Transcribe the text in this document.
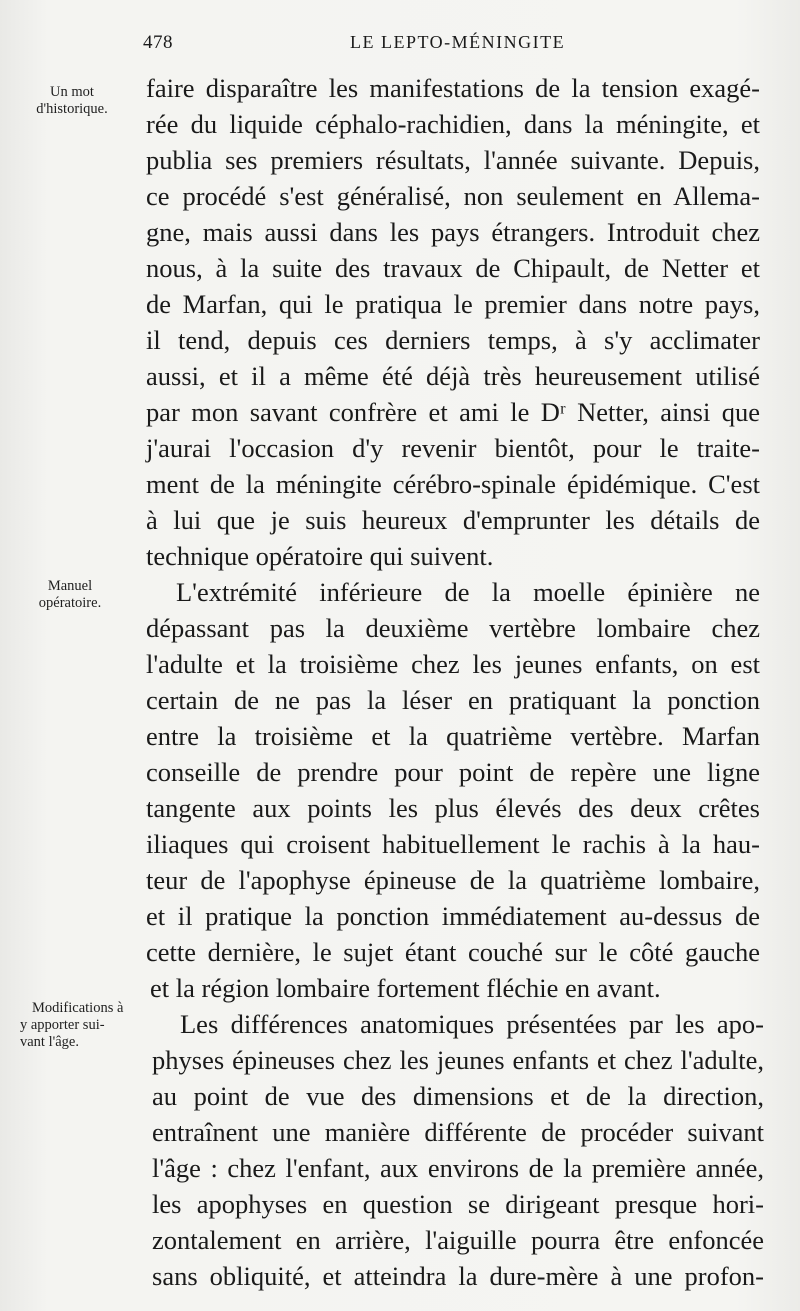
478	LE LEPTO-MÉNINGITE
Un mot
d'historique.
Manuel
opératoire.
Modifications à
y apporter sui-
vant l'âge.
faire disparaître les manifestations de la tension exagé-
rée du liquide céphalo-rachidien, dans la méningite, et
publia ses premiers résultats, l'année suivante. Depuis,
ce procédé s'est généralisé, non seulement en Allema-
gne, mais aussi dans les pays étrangers. Introduit chez
nous, à la suite des travaux de Chipault, de Netter et
de Marfan, qui le pratiqua le premier dans notre pays,
il tend, depuis ces derniers temps, à s'y acclimater
aussi, et il a même été déjà très heureusement utilisé
par mon savant confrère et ami le Dʳ Netter, ainsi que
j'aurai l'occasion d'y revenir bientôt, pour le traite-
ment de la méningite cérébro-spinale épidémique. C'est
à lui que je suis heureux d'emprunter les détails de
technique opératoire qui suivent.
L'extrémité inférieure de la moelle épinière ne
dépassant pas la deuxième vertèbre lombaire chez
l'adulte et la troisième chez les jeunes enfants, on est
certain de ne pas la léser en pratiquant la ponction
entre la troisième et la quatrième vertèbre. Marfan
conseille de prendre pour point de repère une ligne
tangente aux points les plus élevés des deux crêtes
iliaques qui croisent habituellement le rachis à la hau-
teur de l'apophyse épineuse de la quatrième lombaire,
et il pratique la ponction immédiatement au-dessus de
cette dernière, le sujet étant couché sur le côté gauche
et la région lombaire fortement fléchie en avant.
Les différences anatomiques présentées par les apo-
physes épineuses chez les jeunes enfants et chez l'adulte,
au point de vue des dimensions et de la direction,
entraînent une manière différente de procéder suivant
l'âge : chez l'enfant, aux environs de la première année,
les apophyses en question se dirigeant presque hori-
zontalement en arrière, l'aiguille pourra être enfoncée
sans obliquité, et atteindra la dure-mère à une profon-
